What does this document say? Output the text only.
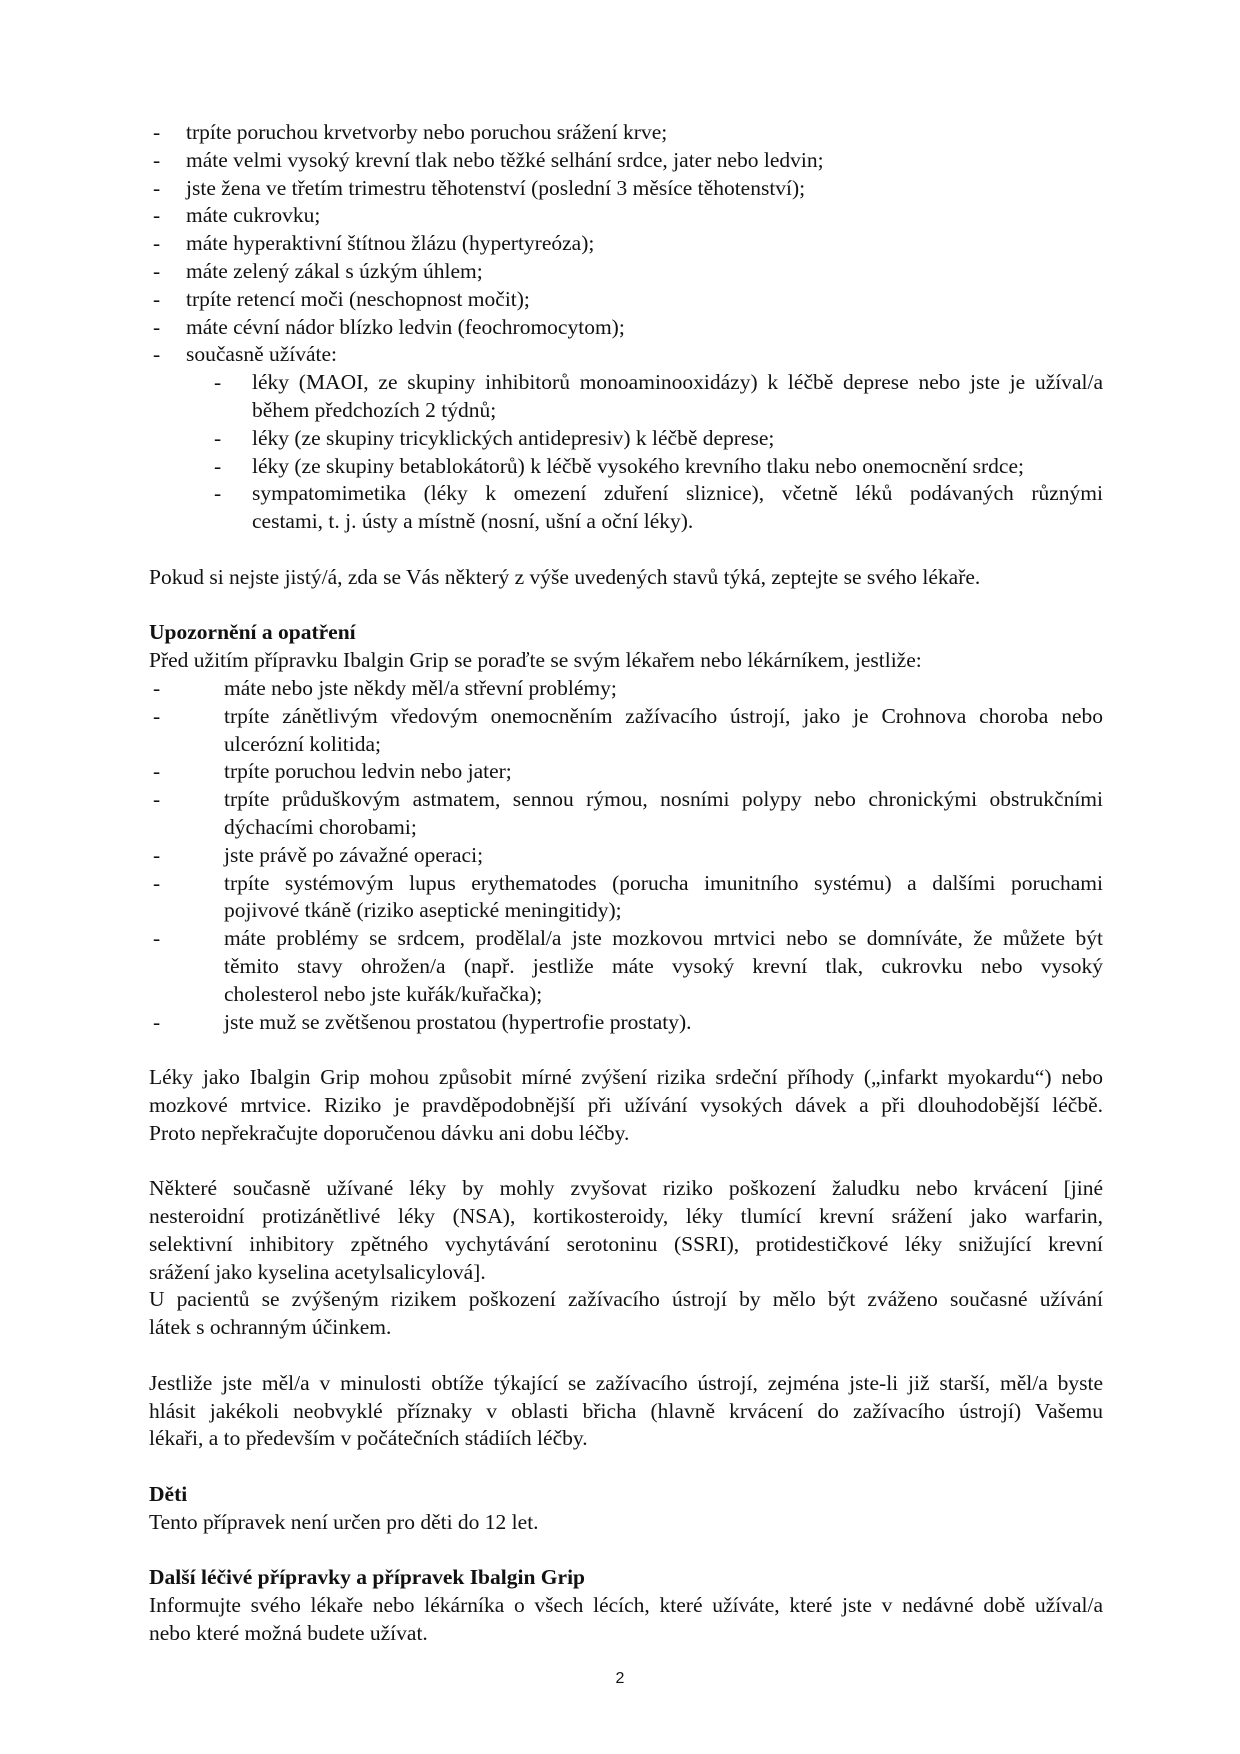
- trpíte poruchou krvetvorby nebo poruchou srážení krve;
- máte velmi vysoký krevní tlak nebo těžké selhání srdce, jater nebo ledvin;
- jste žena ve třetím trimestru těhotenství (poslední 3 měsíce těhotenství);
- máte cukrovku;
- máte hyperaktivní štítnou žlázu (hypertyreóza);
- máte zelený zákal s úzkým úhlem;
- trpíte retencí moči (neschopnost močit);
- máte cévní nádor blízko ledvin (feochromocytom);
- současně užíváte:
- léky (MAOI, ze skupiny inhibitorů monoaminooxidázy) k léčbě deprese nebo jste je užíval/a
během předchozích 2 týdnů;
- léky (ze skupiny tricyklických antidepresiv) k léčbě deprese;
- léky (ze skupiny betablokátorů) k léčbě vysokého krevního tlaku nebo onemocnění srdce;
- sympatomimetika (léky k omezení zduření sliznice), včetně léků podávaných různými
cestami, t. j. ústy a místně (nosní, ušní a oční léky).
Pokud si nejste jistý/á, zda se Vás některý z výše uvedených stavů týká, zeptejte se svého lékaře.
Upozornění a opatření
Před užitím přípravku Ibalgin Grip se poraďte se svým lékařem nebo lékárníkem, jestliže:
-	máte nebo jste někdy měl/a střevní problémy;
-	trpíte zánětlivým vředovým onemocněním zažívacího ústrojí, jako je Crohnova choroba nebo
ulcerózní kolitida;
-	trpíte poruchou ledvin nebo jater;
-	trpíte průduškovým astmatem, sennou rýmou, nosními polypy nebo chronickými obstrukčními
dýchacími chorobami;
-	jste právě po závažné operaci;
-	trpíte systémovým lupus erythematodes (porucha imunitního systému) a dalšími poruchami
pojivové tkáně (riziko aseptické meningitidy);
-	máte problémy se srdcem, prodělal/a jste mozkovou mrtvici nebo se domníváte, že můžete být
těmito stavy ohrožen/a (např. jestliže máte vysoký krevní tlak, cukrovku nebo vysoký
cholesterol nebo jste kuřák/kuřačka);
-	jste muž se zvětšenou prostatou (hypertrofie prostaty).
Léky jako Ibalgin Grip mohou způsobit mírné zvýšení rizika srdeční příhody („infarkt myokardu“) nebo
mozkové mrtvice. Riziko je pravděpodobnější při užívání vysokých dávek a při dlouhodobější léčbě.
Proto nepřekračujte doporučenou dávku ani dobu léčby.
Některé současně užívané léky by mohly zvyšovat riziko poškození žaludku nebo krvácení [jiné
nesteroidní protizánětlivé léky (NSA), kortikosteroidy, léky tlumící krevní srážení jako warfarin,
selektivní inhibitory zpětného vychytávání serotoninu (SSRI), protidestičkové léky snižující krevní
srážení jako kyselina acetylsalicylová].
U pacientů se zvýšeným rizikem poškození zažívacího ústrojí by mělo být zváženo současné užívání
látek s ochranným účinkem.
Jestliže jste měl/a v minulosti obtíže týkající se zažívacího ústrojí, zejména jste-li již starší, měl/a byste
hlásit jakékoli neobvyklé příznaky v oblasti břicha (hlavně krvácení do zažívacího ústrojí) Vašemu
lékaři, a to především v počátečních stádiích léčby.
Děti
Tento přípravek není určen pro děti do 12 let.
Další léčivé přípravky a přípravek Ibalgin Grip
Informujte svého lékaře nebo lékárníka o všech lécích, které užíváte, které jste v nedávné době užíval/a
nebo které možná budete užívat.
2
